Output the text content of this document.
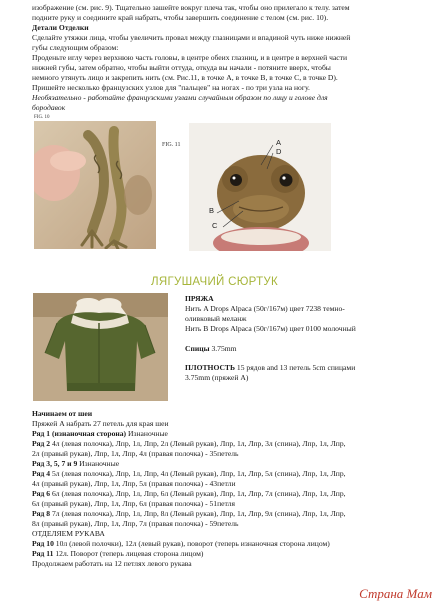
изображение (см. рис. 9). Тщательно зашейте вокруг плеча так, чтобы оно прилегало к телу. затем
подните руку и соедините край набрать, чтобы завершить соединение с телом (см. рис. 10).
Детали Отделки
Сделайте утяжки лица, чтобы увеличить провал между глазницами и впадиной чуть ниже нижней
губы следующим образом:
Проденьте иглу через верхнюю часть головы, в центре обеих глазниц, и в центре в верхней части
нижней губы, затем обратно, чтобы выйти оттуда, откуда вы начали - потяните вверх, чтобы
немного утянуть лицо и закрепить нить (см. Рис.11, в точке А, в точке В, в точке С, в точке D).
Пришейте несколько французских узлов для "пальцев" на ногах - по три узла на ногу.
Необязательно - работайте французскими узлами случайным образом по лицу и голове для
бородавок
FIG. 10
FIG. 11	A
D
B
C
ЛЯГУШАЧИЙ СЮРТУК
ПРЯЖА
Нить A Drops Alpaca (50г/167м) цвет 7238 темно-
оливковый меланж
Нить B Drops Alpaca (50г/167м) цвет 0100 молочный
Спицы 3.75mm
ПЛОТНОСТЬ 15 рядов and 13 петель 5cm спицами
3.75mm (пряжей A)
Начинаем от шеи
Пряжей A набрать 27 петель для края шеи
Ряд 1 (изнаночная сторона) Изнаночные
Ряд 2 4л (левая полочка), Лпр, 1л, Лпр, 2л (Левый рукав), Лпр, 1л, Лпр, 3л (спина), Лпр, 1л, Лпр,
2л (правый рукав), Лпр, 1л, Лпр, 4л (правая полочка) - 35петель
Ряд 3, 5, 7 и 9 Изнаночные
Ряд 4 5л (левая полочка), Лпр, 1л, Лпр, 4л (Левый рукав), Лпр, 1л, Лпр, 5л (спина), Лпр, 1л, Лпр,
4л (правый рукав), Лпр, 1л, Лпр, 5л (правая полочка) - 43петли
Ряд 6 6л (левая полочка), Лпр, 1л, Лпр, 6л (Левый рукав), Лпр, 1л, Лпр, 7л (спина), Лпр, 1л, Лпр,
6л (правый рукав), Лпр, 1л, Лпр, 6л (правая полочка) - 51петля
Ряд 8 7л (левая полочка), Лпр, 1л, Лпр, 8л (Левый рукав), Лпр, 1л, Лпр, 9л (спина), Лпр, 1л, Лпр,
8л (правый рукав), Лпр, 1л, Лпр, 7л (правая полочка) - 59петель
ОТДЕЛЯЕМ РУКАВА
Ряд 10 10л (левой полочки), 12л (левый рукав), поворот (теперь изнаночная сторона лицом)
Ряд 11 12л. Поворот (теперь лицевая сторона лицом)
Продолжаем работать на 12 петлях левого рукава
Страна Мам
